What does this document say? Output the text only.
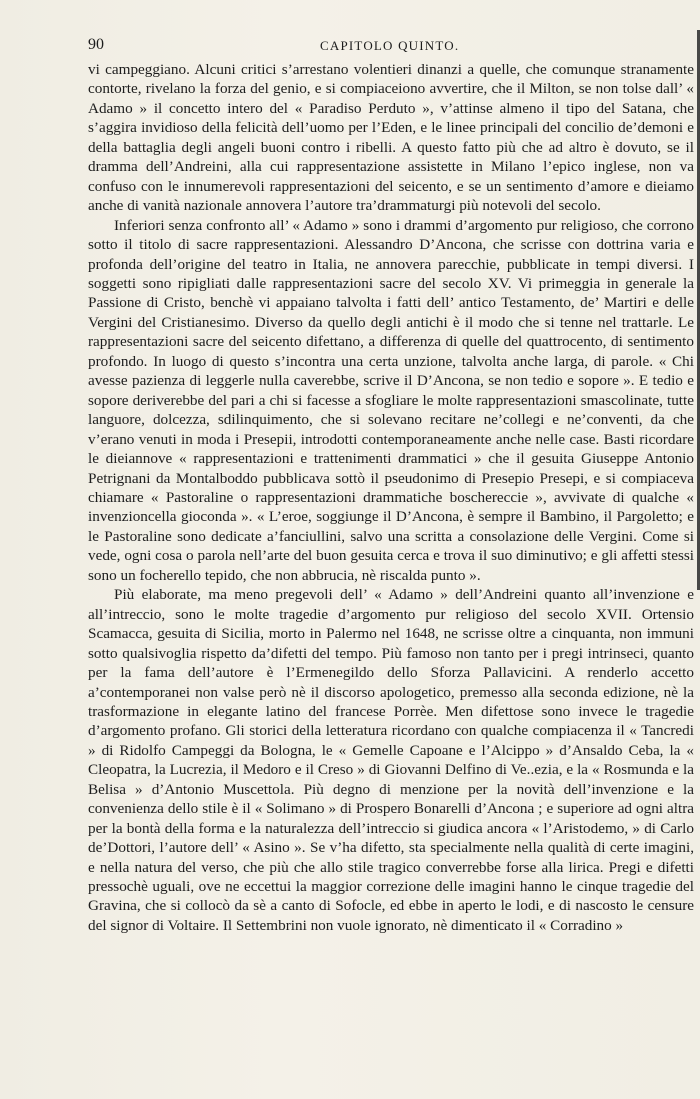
90	CAPITOLO QUINTO.

vi campeggiano. Alcuni critici s’arrestano volentieri dinanzi a quelle, che comunque stranamente contorte, rivelano la forza del genio, e si compiaceiono avvertire, che il Milton, se non tolse dall’ « Adamo » il concetto intero del « Paradiso Perduto », v’attinse almeno il tipo del Satana, che s’aggira invidioso della felicità dell’uomo per l’Eden, e le linee principali del concilio de’demoni e della battaglia degli angeli buoni contro i ribelli. A questo fatto più che ad altro è dovuto, se il dramma dell’Andreini, alla cui rappresentazione assistette in Milano l’epico inglese, non va confuso con le innumerevoli rappresentazioni del seicento, e se un sentimento d’amore e dieiamo anche di vanità nazionale annovera l’autore tra’drammaturgi più notevoli del secolo.

Inferiori senza confronto all’ « Adamo » sono i drammi d’argomento pur religioso, che corrono sotto il titolo di sacre rappresentazioni. Alessandro D’Ancona, che scrisse con dottrina varia e profonda dell’origine del teatro in Italia, ne annovera parecchie, pubblicate in tempi diversi. I soggetti sono ripigliati dalle rappresentazioni sacre del secolo XV. Vi primeggia in generale la Passione di Cristo, benchè vi appaiano talvolta i fatti dell’ antico Testamento, de’ Martiri e delle Vergini del Cristianesimo. Diverso da quello degli antichi è il modo che si tenne nel trattarle. Le rappresentazioni sacre del seicento difettano, a differenza di quelle del quattrocento, di sentimento profondo. In luogo di questo s’incontra una certa unzione, talvolta anche larga, di parole. « Chi avesse pazienza di leggerle nulla caverebbe, scrive il D’Ancona, se non tedio e sopore ». E tedio e sopore deriverebbe del pari a chi si facesse a sfogliare le molte rappresentazioni smascolinate, tutte languore, dolcezza, sdilinquimento, che si solevano recitare ne’collegi e ne’conventi, da che v’erano venuti in moda i Presepii, introdotti contemporaneamente anche nelle case. Basti ricordare le dieiannove « rappresentazioni e trattenimenti drammatici » che il gesuita Giuseppe Antonio Petrignani da Montalboddo pubblicava sottò il pseudonimo di Presepio Presepi, e si compiaceva chiamare « Pastoraline o rappresentazioni drammatiche boschereccie », avvivate di qualche « invenzioncella gioconda ». « L’eroe, soggiunge il D’Ancona, è sempre il Bambino, il Pargoletto; e le Pastoraline sono dedicate a’fanciullini, salvo una scritta a consolazione delle Vergini. Come si vede, ogni cosa o parola nell’arte del buon gesuita cerca e trova il suo diminutivo; e gli affetti stessi sono un focherello tepido, che non abbrucia, nè riscalda punto ».

Più elaborate, ma meno pregevoli dell’ « Adamo » dell’Andreini quanto all’invenzione e all’intreccio, sono le molte tragedie d’argomento pur religioso del secolo XVII. Ortensio Scamacca, gesuita di Sicilia, morto in Palermo nel 1648, ne scrisse oltre a cinquanta, non immuni sotto qualsivoglia rispetto da’difetti del tempo. Più famoso non tanto per i pregi intrinseci, quanto per la fama dell’autore è l’Ermenegildo dello Sforza Pallavicini. A renderlo accetto a’contemporanei non valse però nè il discorso apologetico, premesso alla seconda edizione, nè la trasformazione in elegante latino del francese Porrèe. Men difettose sono invece le tragedie d’argomento profano. Gli storici della letteratura ricordano con qualche compiacenza il « Tancredi » di Ridolfo Campeggi da Bologna, le « Gemelle Capoane e l’Alcippo » d’Ansaldo Ceba, la « Cleopatra, la Lucrezia, il Medoro e il Creso » di Giovanni Delfino di Ve..ezia, e la « Rosmunda e la Belisa » d’Antonio Muscettola. Più degno di menzione per la novità dell’invenzione e la convenienza dello stile è il « Solimano » di Prospero Bonarelli d’Ancona ; e superiore ad ogni altra per la bontà della forma e la naturalezza dell’intreccio si giudica ancora « l’Aristodemo, » di Carlo de’Dottori, l’autore dell’ « Asino ». Se v’ha difetto, sta specialmente nella qualità di certe imagini, e nella natura del verso, che più che allo stile tragico converrebbe forse alla lirica. Pregi e difetti pressochè uguali, ove ne eccettui la maggior correzione delle imagini hanno le cinque tragedie del Gravina, che si collocò da sè a canto di Sofocle, ed ebbe in aperto le lodi, e di nascosto le censure del signor di Voltaire. Il Settembrini non vuole ignorato, nè dimenticato il « Corradino »
